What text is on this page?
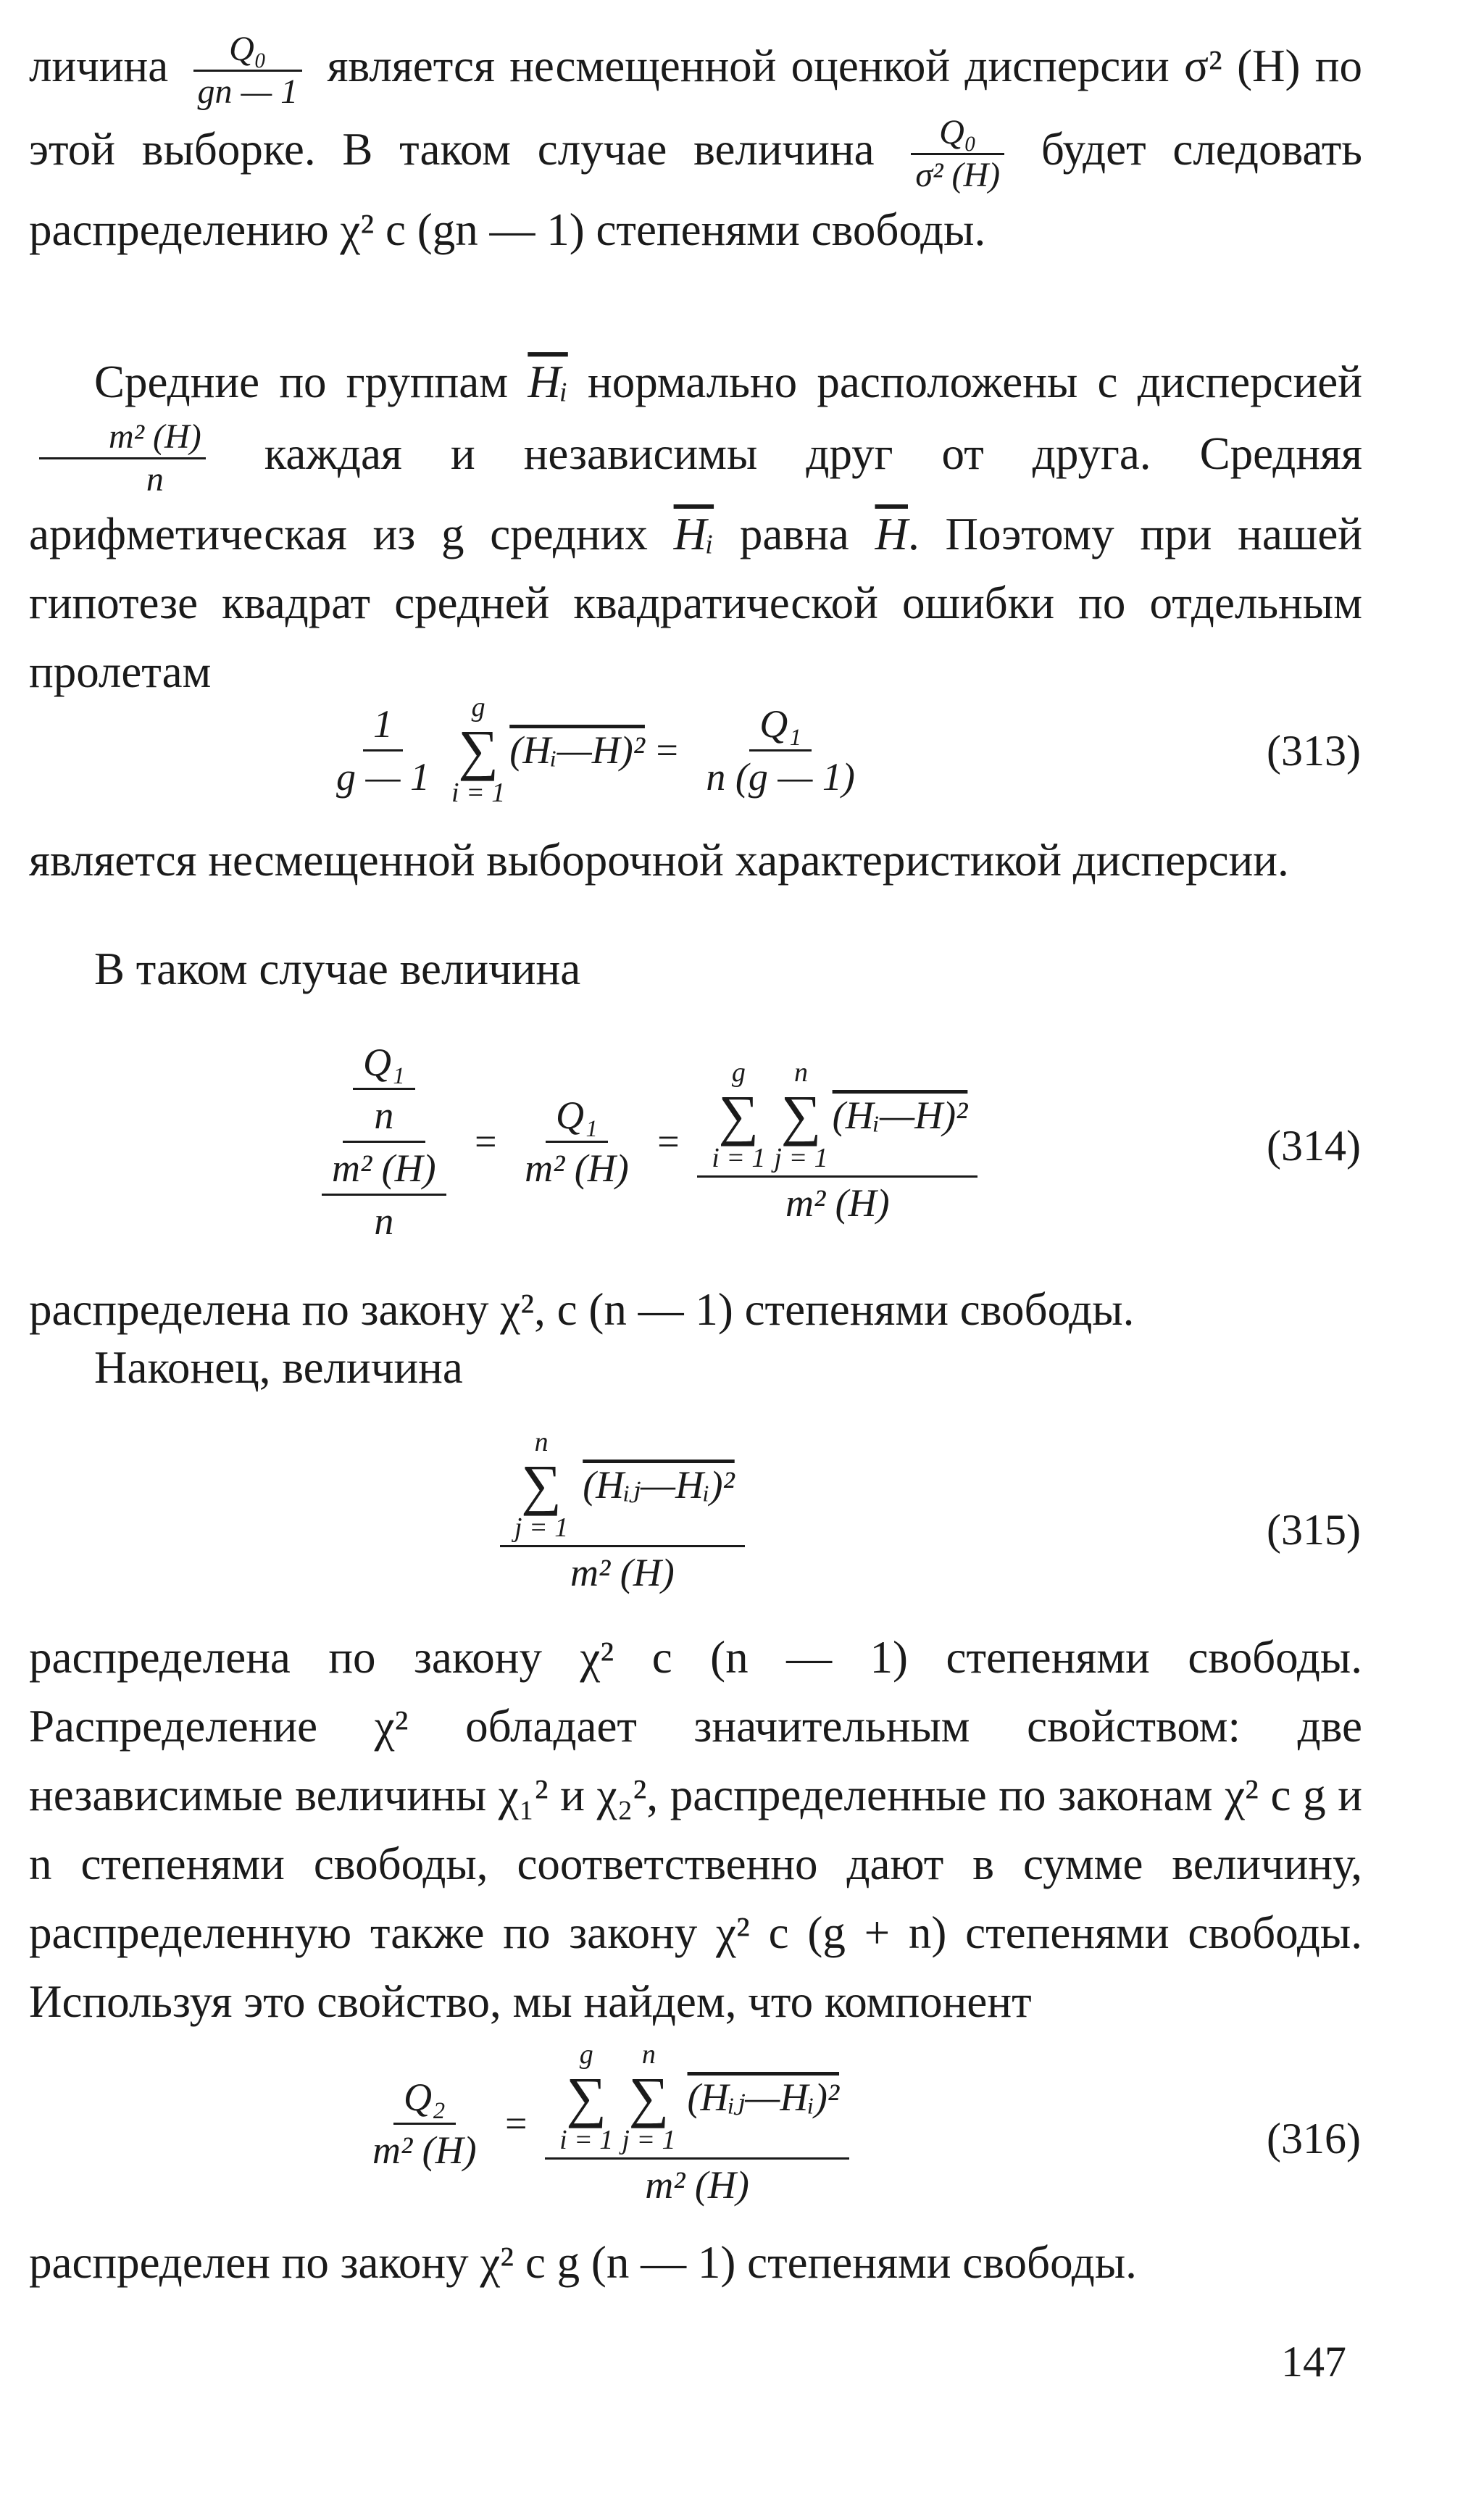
личина $\frac{\text{Q₀}}{gn — 1}$ является несмещенной оценкой дисперсии σ² (H) по этой выборке. В таком случае величина $\frac{\text{Q₀}}{\text{σ² (H)}}$ будет следовать распределению χ² с (gn — 1) степенями свободы.

Средние по группам $\overline{Hᵢ}$ нормально расположены с дисперсией
$\frac{\text{m² (H)}}{n}$ каждая и независимы друг от друга. Средняя арифметическая из g средних $\overline{Hᵢ}$ равна $\overline{H}$. Поэтому при нашей гипотезе квадрат средней квадратической ошибки по отдельным пролетам

1
g — 1
g
∑
i = 1
(Hᵢ—H)² = $\frac{\text{Q₁}}{n (g — 1)}$	(313)

является несмещенной выборочной характеристикой дисперсии.

В таком случае величина

Q₁
n
$\frac{\text{m² (H)}}{n} = \frac{\text{Q₁}}{\text{m² (H)}} = g$
∑
i = 1
n
∑
j = 1
(Hᵢ—H)²
m² (H)	(314)

распределена по закону χ², с (n — 1) степенями свободы.

Наконец, величина

n
∑
j = 1
(Hᵢⱼ—Hᵢ)²
m² (H)
(315)

распределена по закону χ² с (n — 1) степенями свободы. Распределение χ² обладает значительным свойством: две независимые величины χ₁² и χ₂², распределенные по законам χ² с g и n степенями свободы, соответственно дают в сумме величину, распределенную также по закону χ² с (g + n) степенями свободы. Используя это свойство, мы найдем, что компонент

$\frac{\text{Q₂}}{\text{m² (H)}}$ =
g
∑
i = 1
n
∑
j = 1
(Hᵢⱼ—Hᵢ)²
m² (H)
(316)

распределен по закону χ² с g (n — 1) степенями свободы.

147
